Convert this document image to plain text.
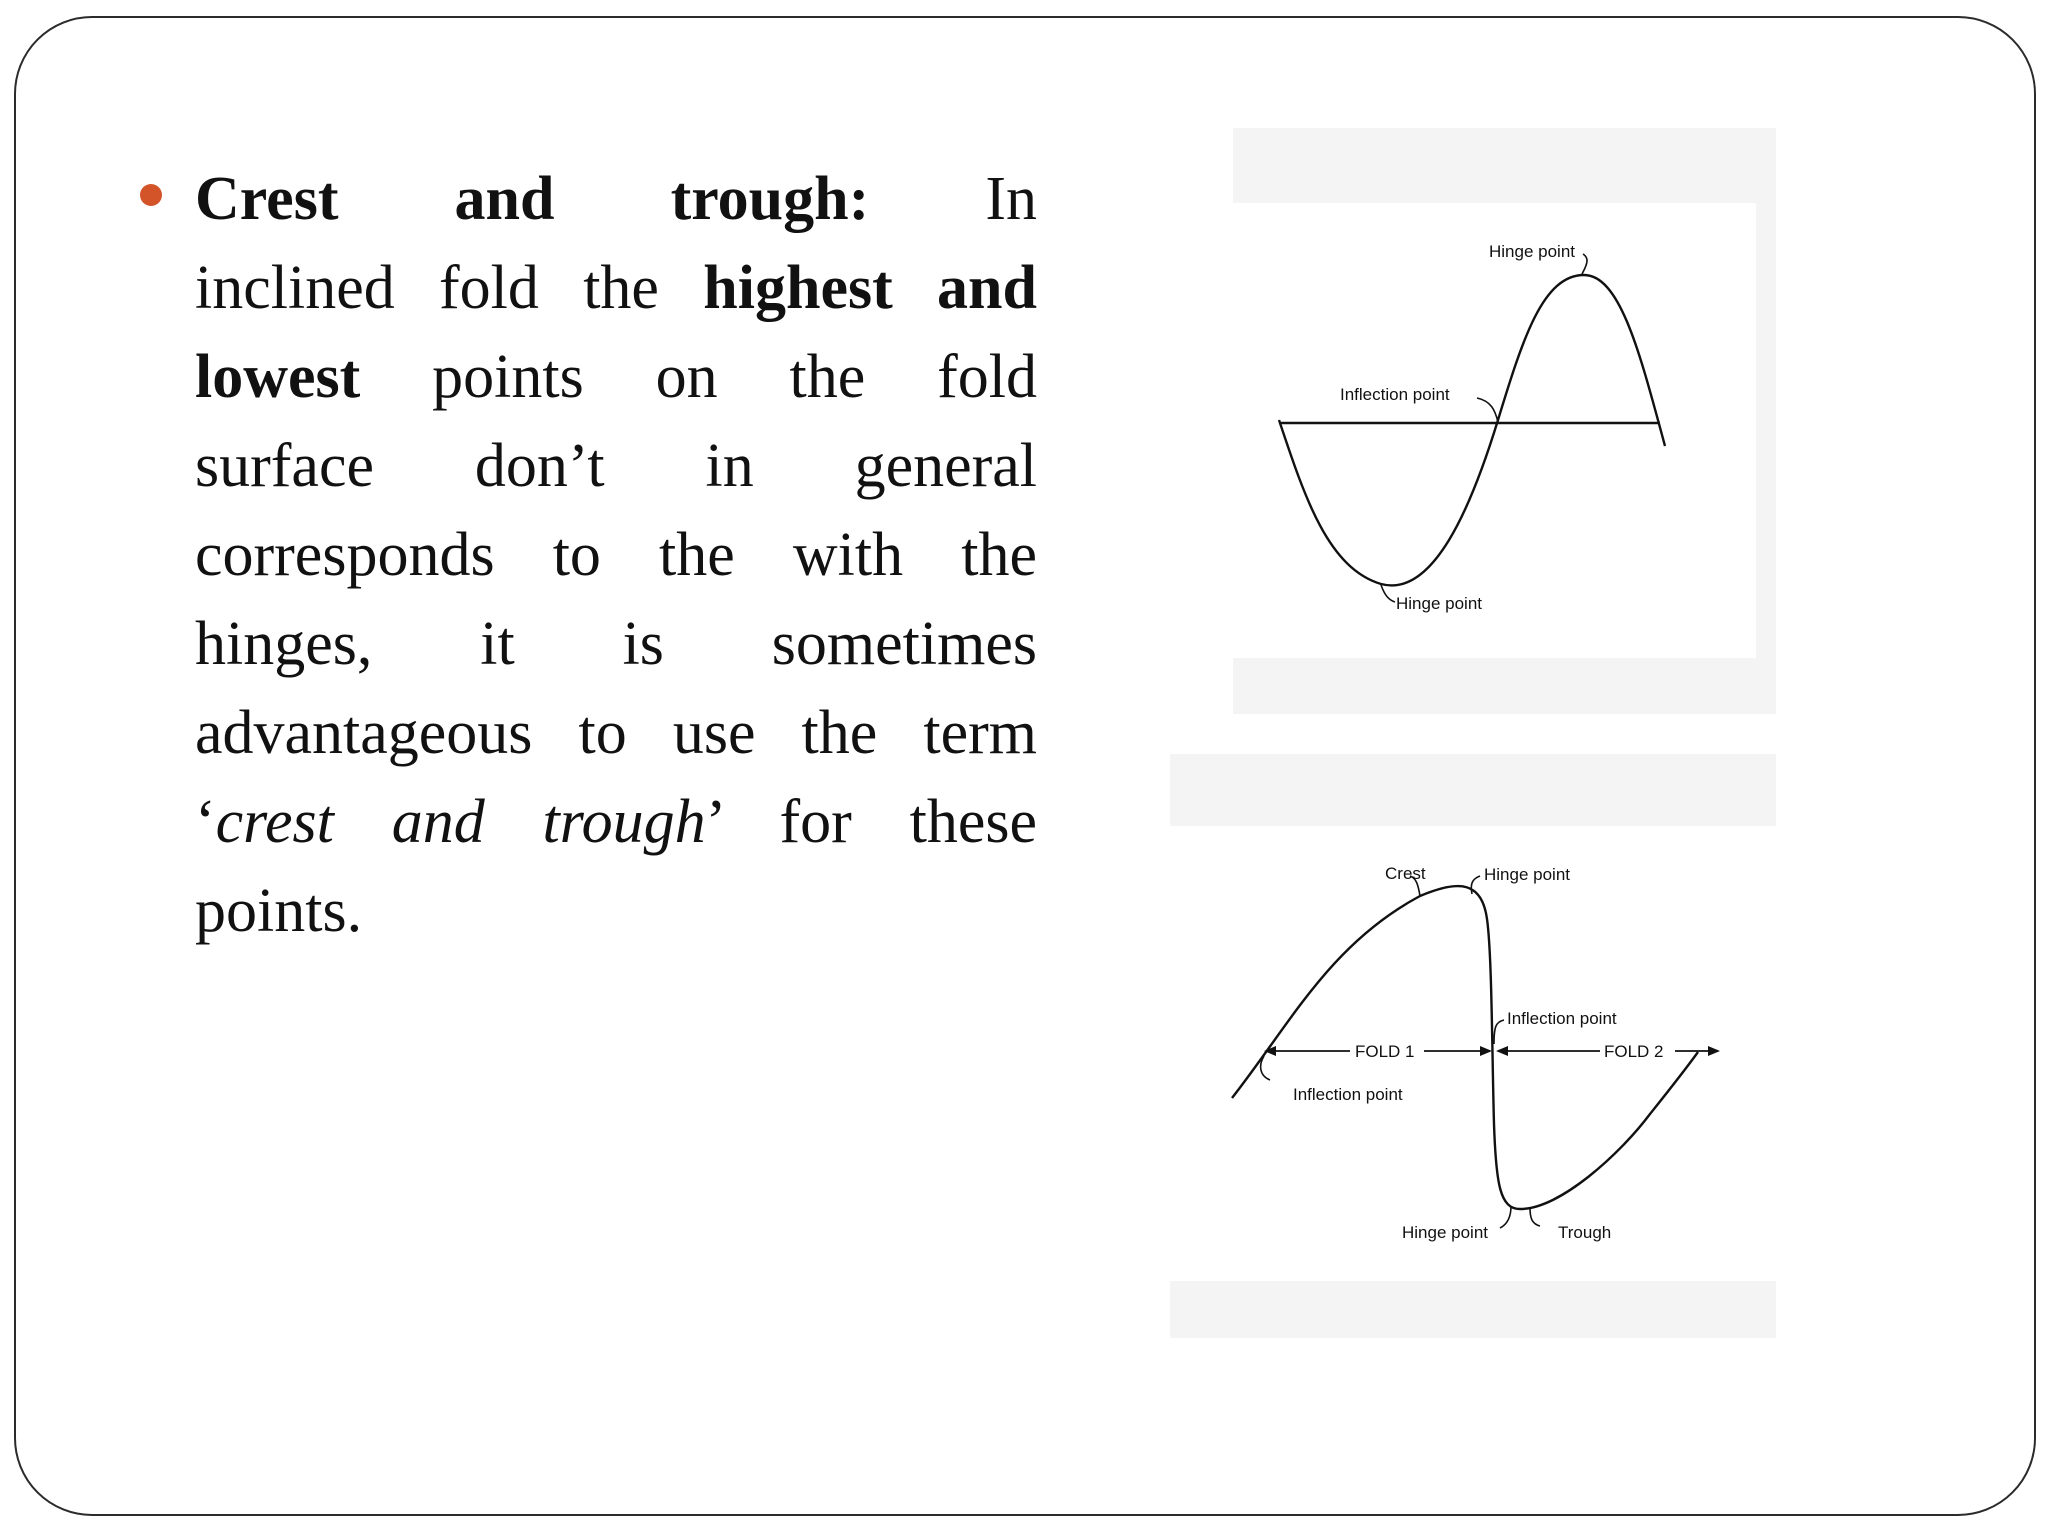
Crest and trough: In
inclined fold the highest and
lowest points on the fold
surface don’t in general
corresponds to the with the
hinges, it is sometimes
advantageous to use the term
‘crest and trough’ for these
points.
Hinge point
Inflection point
Hinge point
Crest	Hinge point
Inflection point
FOLD 1	FOLD 2
Inflection point
Hinge point	Trough
